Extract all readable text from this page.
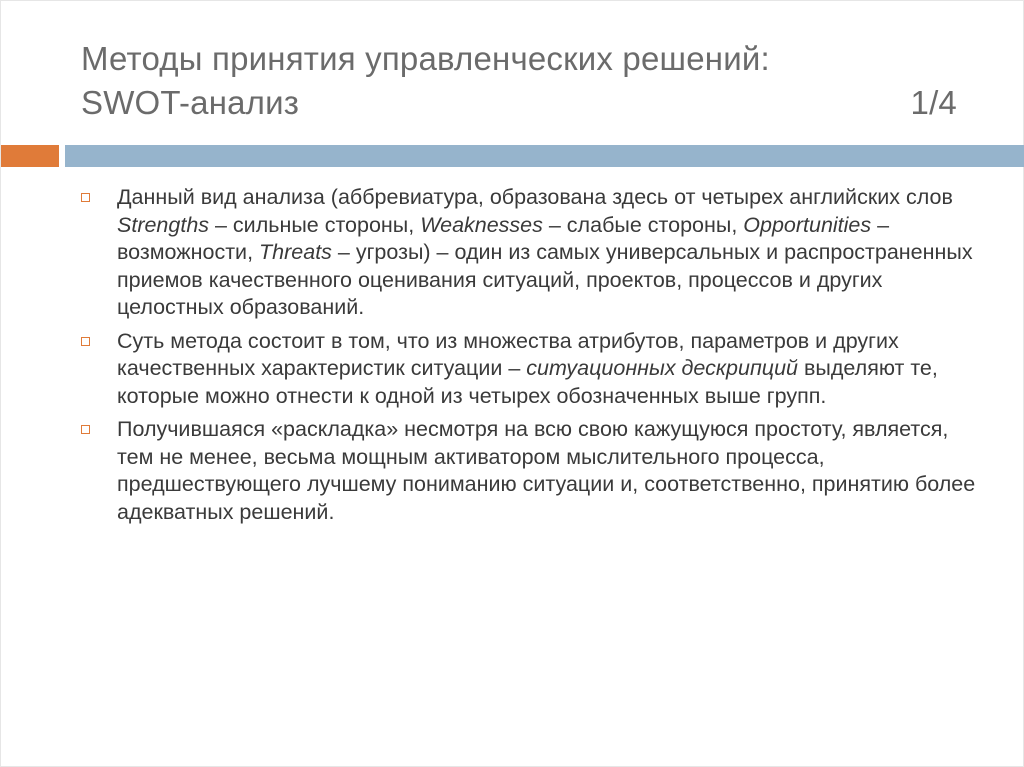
Методы принятия управленческих решений:
SWOT-анализ	1/4
Данный вид анализа (аббревиатура, образована здесь от четырех английских слов Strengths – сильные стороны, Weaknesses – слабые стороны, Opportunities – возможности, Threats – угрозы) – один из самых универсальных и распространенных приемов качественного оценивания ситуаций, проектов, процессов и других целостных образований.
Суть метода состоит в том, что из множества атрибутов, параметров и других качественных характеристик ситуации – ситуационных дескрипций выделяют те, которые можно отнести к одной из четырех обозначенных выше групп.
Получившаяся «раскладка» несмотря на всю свою кажущуюся простоту, является, тем не менее, весьма мощным активатором мыслительного процесса, предшествующего лучшему пониманию ситуации и, соответственно, принятию более адекватных решений.
